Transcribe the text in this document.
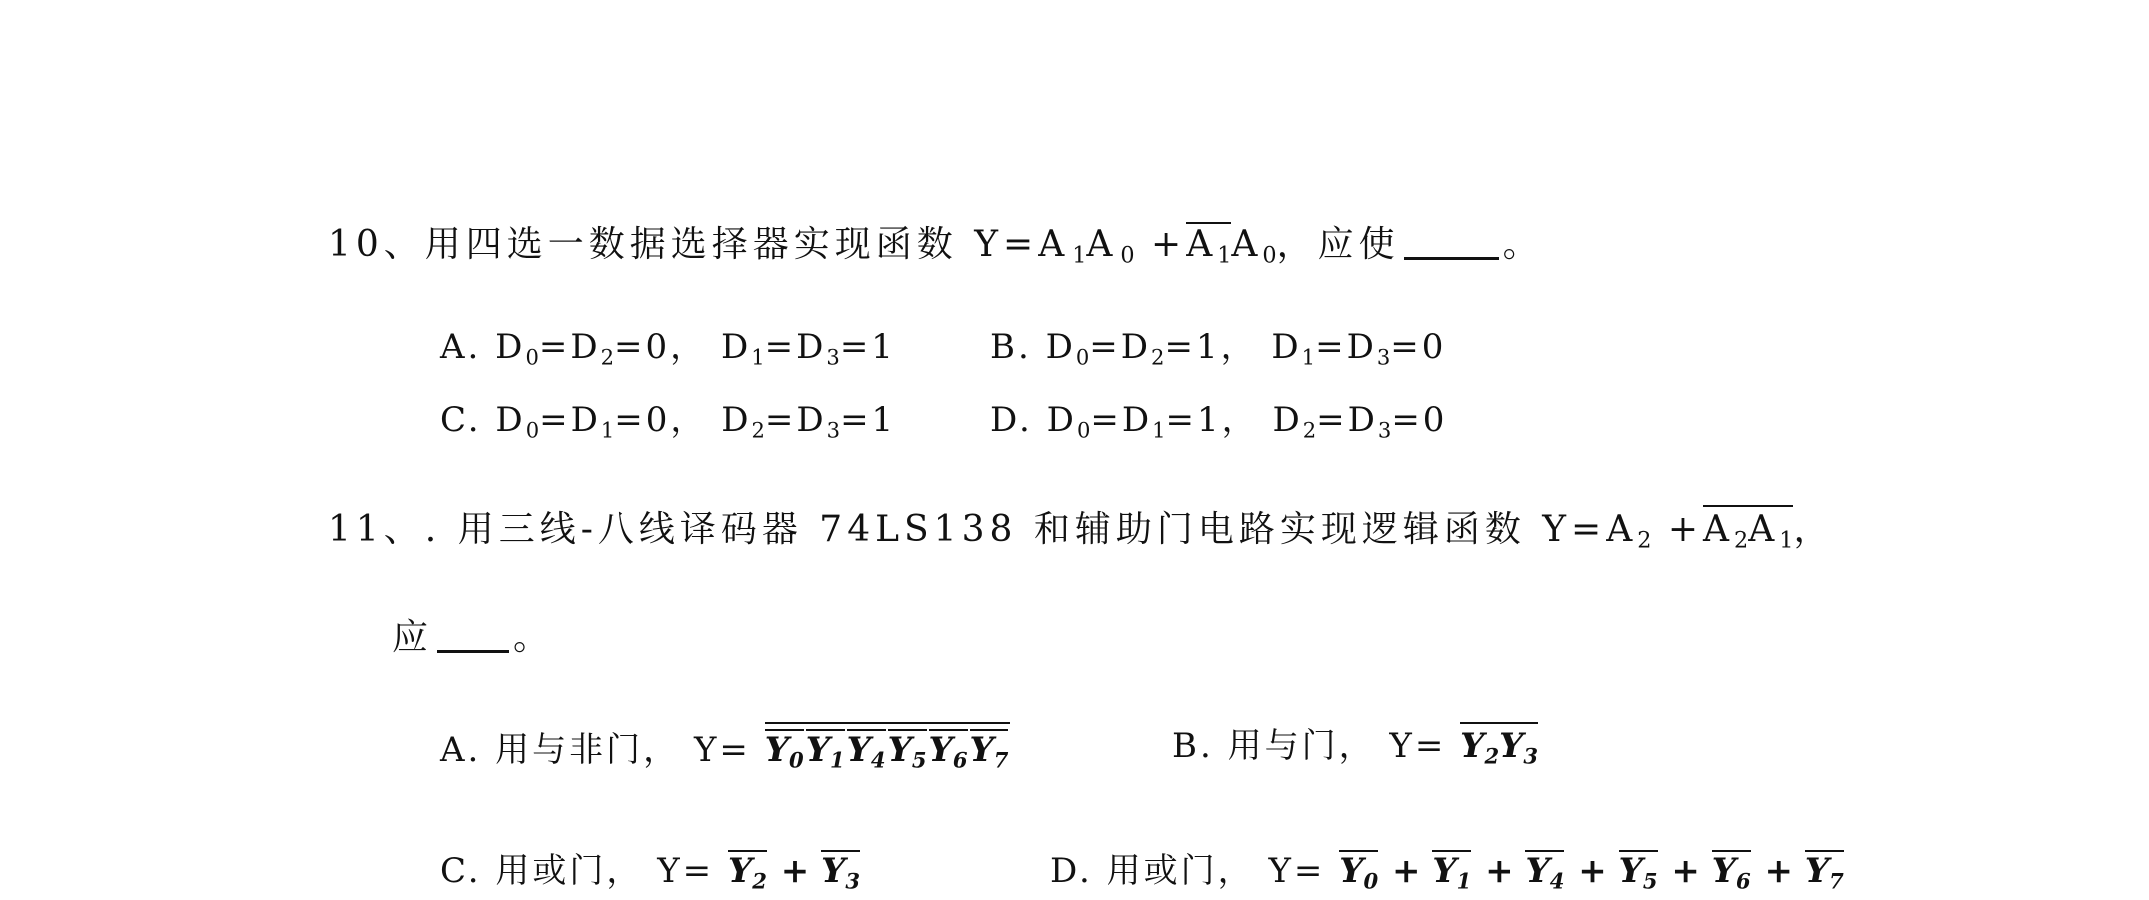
10、用四选一数据选择器实现函数 $Y=A_1A_0 +A_1A_0$，应使	。
A. $D_0=D_2=0$， $D_1=D_3=1$	B. $D_0=D_2=1$， $D_1=D_3=0$
C. $D_0=D_1=0$， $D_2=D_3=1$	D. $D_0=D_1=1$， $D_2=D_3=0$
11、. 用三线-八线译码器 74LS138 和辅助门电路实现逻辑函数 $Y=A_2 +A_2A_1$，
应 。
A. 用与非门， $Y= Y_0Y_1Y_4Y_5Y_6Y_7$	B. 用与门， $Y= Y_2Y_3$
C. 用或门， $Y= Y_2 + Y_3$	D. 用或门， $Y= Y_0 + Y_1 + Y_4 + Y_5 + Y_6 + Y_7$
